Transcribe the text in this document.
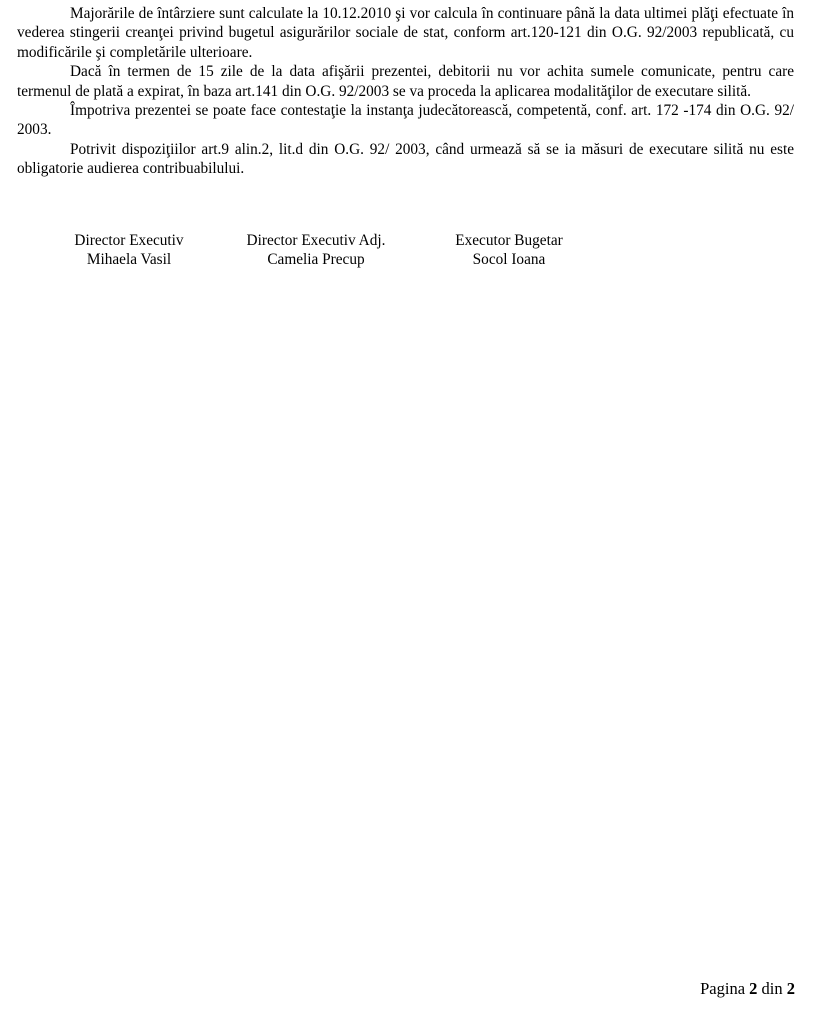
Majorările de întârziere sunt calculate la 10.12.2010 şi vor calcula în continuare până la data ultimei plăţi efectuate în vederea stingerii creanţei privind bugetul asigurărilor sociale de stat, conform art.120-121 din O.G. 92/2003 republicată, cu modificările şi completările ulterioare.

Dacă în termen de 15 zile de la data afişării prezentei, debitorii nu vor achita sumele comunicate, pentru care termenul de plată a expirat, în baza art.141 din O.G. 92/2003 se va proceda la aplicarea modalităţilor de executare silită.

Împotriva prezentei se poate face contestaţie la instanţa judecătorească, competentă, conf. art. 172 -174 din O.G. 92/ 2003.

Potrivit dispoziţiilor art.9 alin.2, lit.d din O.G. 92/ 2003, când urmează să se ia măsuri de executare silită nu este obligatorie audierea contribuabilului.

Director Executiv
Mihaela Vasil
Director Executiv Adj.
Camelia Precup
Executor Bugetar
Socol Ioana
Pagina 2 din 2
